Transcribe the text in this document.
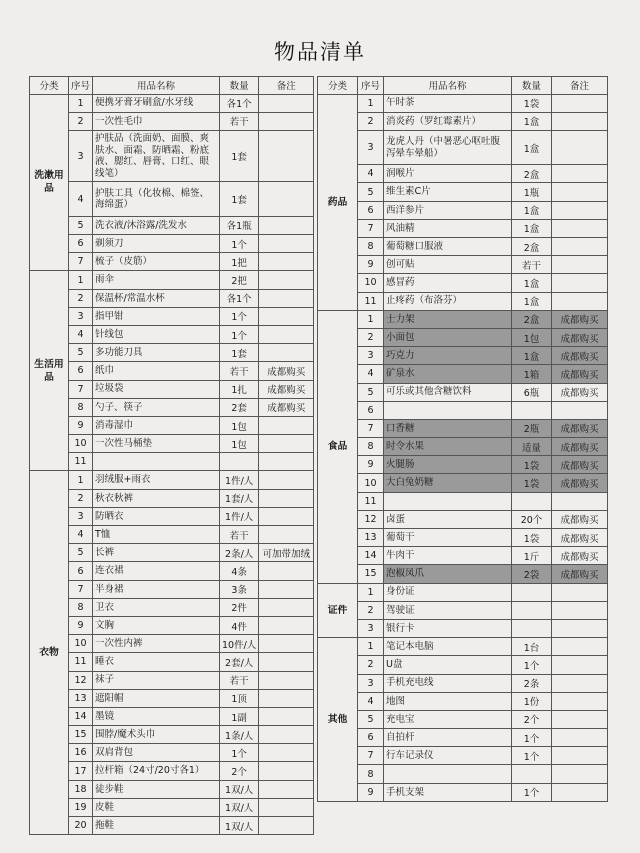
物品清单
分类	序号	用品名称	数量	备注
洗漱用品	1	便携牙膏牙刷盒/水牙线	各1个	
	2	一次性毛巾	若干	
	3	护肤品（洗面奶、面膜、爽肤水、面霜、防晒霜、粉底液、腮红、唇膏、口红、眼线笔）	1套	
	4	护肤工具（化妆棉、棉签、海绵蛋）	1套	
	5	洗衣液/沐浴露/洗发水	各1瓶	
	6	剃须刀	1个	
	7	梳子（皮筋）	1把	
生活用品	1	雨伞	2把	
	2	保温杯/常温水杯	各1个	
	3	指甲钳	1个	
	4	针线包	1个	
	5	多功能刀具	1套	
	6	纸巾	若干	成都购买
	7	垃圾袋	1扎	成都购买
	8	勺子、筷子	2套	成都购买
	9	消毒湿巾	1包	
	10	一次性马桶垫	1包	
	11			
衣物	1	羽绒服+雨衣	1件/人	
	2	秋衣秋裤	1套/人	
	3	防晒衣	1件/人	
	4	T恤	若干	
	5	长裤	2条/人	可加带加绒
	6	连衣裙	4条	
	7	半身裙	3条	
	8	卫衣	2件	
	9	文胸	4件	
	10	一次性内裤	10件/人	
	11	睡衣	2套/人	
	12	袜子	若干	
	13	遮阳帽	1顶	
	14	墨镜	1副	
	15	围脖/魔术头巾	1条/人	
	16	双肩背包	1个	
	17	拉杆箱（24寸/20寸各1）	2个	
	18	徒步鞋	1双/人	
	19	皮鞋	1双/人	
	20	拖鞋	1双/人	
分类	序号	用品名称	数量	备注
药品	1	午时茶	1袋	
	2	消炎药（罗红霉素片）	1盒	
	3	龙虎人丹（中暑恶心呕吐腹泻晕车晕船）	1盒	
	4	润喉片	2盒	
	5	维生素C片	1瓶	
	6	西洋参片	1盒	
	7	风油精	1盒	
	8	葡萄糖口服液	2盒	
	9	创可贴	若干	
	10	感冒药	1盒	
	11	止疼药（布洛芬）	1盒	
食品	1	士力架	2盒	成都购买
	2	小面包	1包	成都购买
	3	巧克力	1盒	成都购买
	4	矿泉水	1箱	成都购买
	5	可乐或其他含糖饮料	6瓶	成都购买
	6			
	7	口香糖	2瓶	成都购买
	8	时令水果	适量	成都购买
	9	火腿肠	1袋	成都购买
	10	大白兔奶糖	1袋	成都购买
	11			
	12	卤蛋	20个	成都购买
	13	葡萄干	1袋	成都购买
	14	牛肉干	1斤	成都购买
	15	泡椒凤爪	2袋	成都购买
证件	1	身份证		
	2	驾驶证		
	3	银行卡		
其他	1	笔记本电脑	1台	
	2	U盘	1个	
	3	手机充电线	2条	
	4	地图	1份	
	5	充电宝	2个	
	6	自拍杆	1个	
	7	行车记录仪	1个	
	8			
	9	手机支架	1个	
